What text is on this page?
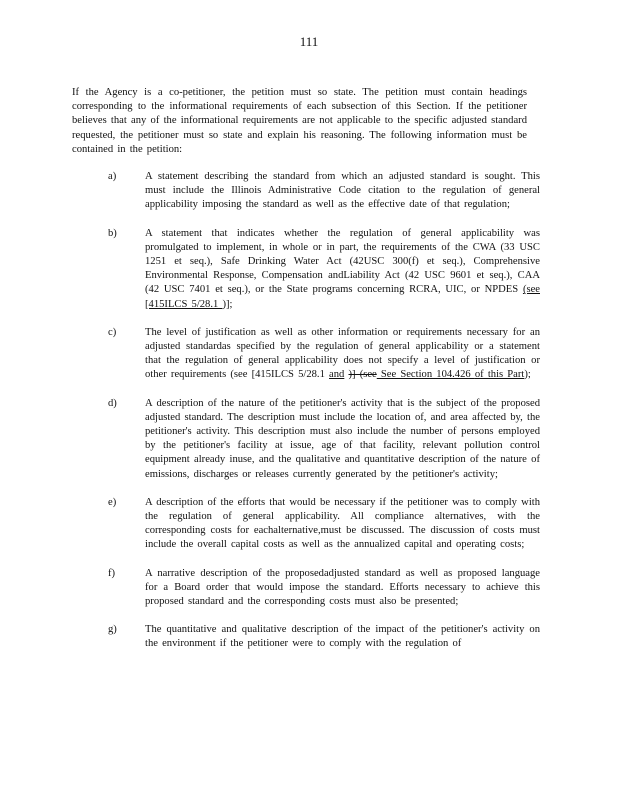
111

If the Agency is a co-petitioner, the petition must so state. The petition must contain headings corresponding to the informational requirements of each subsection of this Section. If the petitioner believes that any of the informational requirements are not applicable to the specific adjusted standard requested, the petitioner must so state and explain his reasoning. The following information must be contained in the petition:

a)	A statement describing the standard from which an adjusted standard is sought. This must include the Illinois Administrative Code citation to the regulation of general applicability imposing the standard as well as the effective date of that regulation;
b)	A statement that indicates whether the regulation of general applicability was promulgated to implement, in whole or in part, the requirements of the CWA (33 USC 1251 et seq.), Safe Drinking Water Act (42USC 300(f) et seq.), Comprehensive Environmental Response, Compensation andLiability Act (42 USC 9601 et seq.), CAA (42 USC 7401 et seq.), or the State programs concerning RCRA, UIC, or NPDES (see [415ILCS 5/28.1 )];
c)	The level of justification as well as other information or requirements necessary for an adjusted standardas specified by the regulation of general applicability or a statement that the regulation of general applicability does not specify a level of justification or other requirements (see [415ILCS 5/28.1 and )] (see See Section 104.426 of this Part);
d)	A description of the nature of the petitioner's activity that is the subject of the proposed adjusted standard. The description must include the location of, and area affected by, the petitioner's activity. This description must also include the number of persons employed by the petitioner's facility at issue, age of that facility, relevant pollution control equipment already inuse, and the qualitative and quantitative description of the nature of emissions, discharges or releases currently generated by the petitioner's activity;
e)	A description of the efforts that would be necessary if the petitioner was to comply with the regulation of general applicability. All compliance alternatives, with the corresponding costs for eachalternative,must be discussed. The discussion of costs must include the overall capital costs as well as the annualized capital and operating costs;
f)	A narrative description of the proposedadjusted standard as well as proposed language for a Board order that would impose the standard. Efforts necessary to achieve this proposed standard and the corresponding costs must also be presented;
g)	The quantitative and qualitative description of the impact of the petitioner's activity on the environment if the petitioner were to comply with the regulation of
